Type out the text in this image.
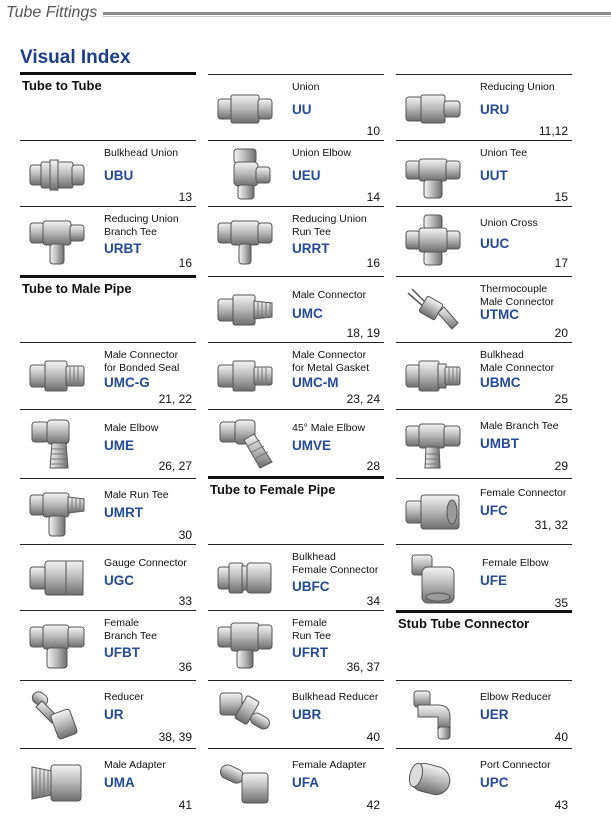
Tube Fittings
Visual Index
Tube to Tube	Union
UU
10
Reducing Union
URU
11,12
Bulkhead Union
UBU
13
Union Elbow
UEU
14
Union Tee
UUT
15
Reducing Union
Branch Tee
URBT
16
Reducing Union
Run Tee
URRT
16
Union Cross
UUC
17
Tube to Male Pipe	Male Connector
UMC
18, 19
Thermocouple
Male Connector
UTMC
20
Male Connector
for Bonded Seal
UMC-G
21, 22
Male Connector
for Metal Gasket
UMC-M
23, 24
Bulkhead
Male Connector
UBMC
25
Male Elbow
UME
26, 27
45° Male Elbow
UMVE
28
Male Branch Tee
UMBT
29
Male Run Tee
UMRT
30
Tube to Female Pipe	Female Connector
UFC
31, 32
Gauge Connector
UGC
33
Bulkhead
Female Connector
UBFC
34
Female Elbow
UFE
35
Female
Branch Tee
UFBT
36
Female
Run Tee
UFRT
36, 37
Stub Tube Connector
Reducer
UR
38, 39
Bulkhead Reducer
UBR
40
Elbow Reducer
UER
40
Male Adapter
UMA
41
Female Adapter
UFA
42
Port Connector
UPC
43
